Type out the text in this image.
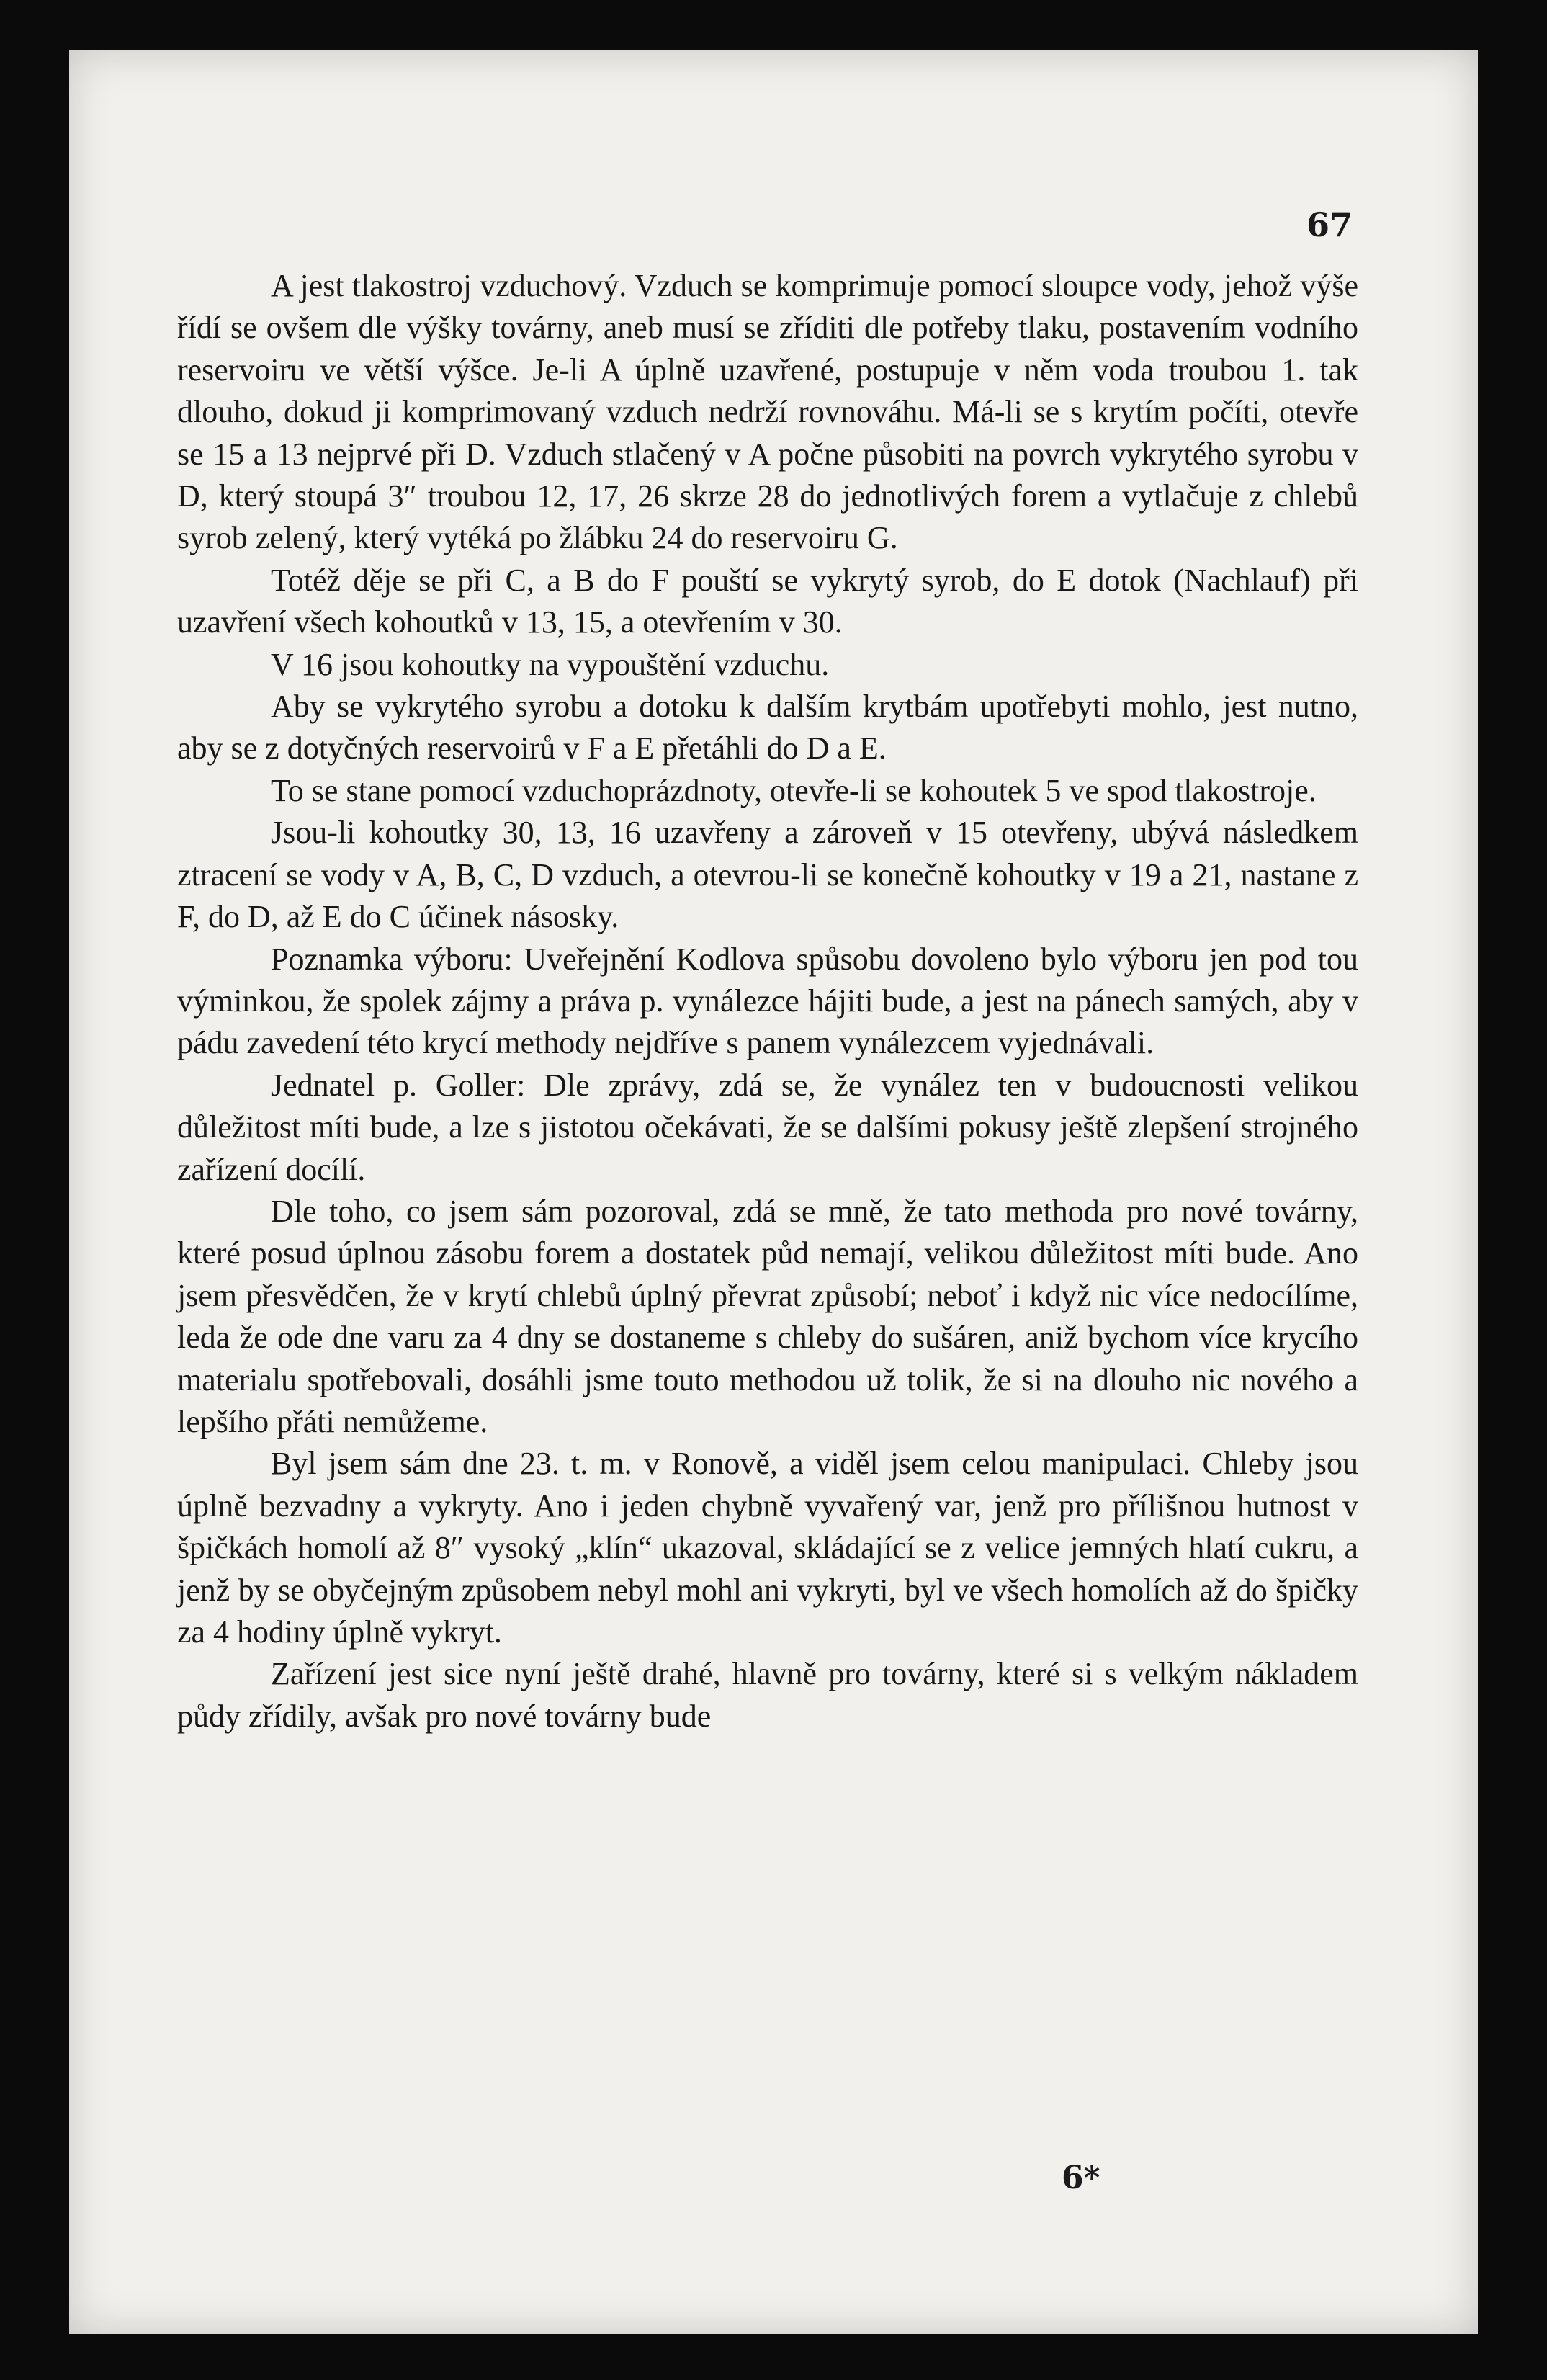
67

A jest tlakostroj vzduchový. Vzduch se komprimuje pomocí sloupce vody, jehož výše řídí se ovšem dle výšky továrny, aneb musí se zříditi dle potřeby tlaku, postavením vodního reservoiru ve větší výšce. Je-li A úplně uzavřené, postupuje v něm voda troubou 1. tak dlouho, dokud ji komprimovaný vzduch nedrží rovnováhu. Má-li se s krytím počíti, otevře se 15 a 13 nejprvé při D. Vzduch stlačený v A počne působiti na povrch vykrytého syrobu v D, který stoupá 3″ troubou 12, 17, 26 skrze 28 do jednotlivých forem a vytlačuje z chlebů syrob zelený, který vytéká po žlábku 24 do reservoiru G.

Totéž děje se při C, a B do F pouští se vykrytý syrob, do E dotok (Nachlauf) při uzavření všech kohoutků v 13, 15, a otevřením v 30.

V 16 jsou kohoutky na vypouštění vzduchu.

Aby se vykrytého syrobu a dotoku k dalším krytbám upotřebyti mohlo, jest nutno, aby se z dotyčných reservoirů v F a E přetáhli do D a E.

To se stane pomocí vzduchoprázdnoty, otevře-li se kohoutek 5 ve spod tlakostroje.

Jsou-li kohoutky 30, 13, 16 uzavřeny a zároveň v 15 otevřeny, ubývá následkem ztracení se vody v A, B, C, D vzduch, a otevrou-li se konečně kohoutky v 19 a 21, nastane z F, do D, až E do C účinek násosky.

Poznamka výboru: Uveřejnění Kodlova spůsobu dovoleno bylo výboru jen pod tou výminkou, že spolek zájmy a práva p. vynálezce hájiti bude, a jest na pánech samých, aby v pádu zavedení této krycí methody nejdříve s panem vynálezcem vyjednávali.

Jednatel p. Goller: Dle zprávy, zdá se, že vynález ten v budoucnosti velikou důležitost míti bude, a lze s jistotou očekávati, že se dalšími pokusy ještě zlepšení strojného zařízení docílí.

Dle toho, co jsem sám pozoroval, zdá se mně, že tato methoda pro nové továrny, které posud úplnou zásobu forem a dostatek půd nemají, velikou důležitost míti bude. Ano jsem přesvědčen, že v krytí chlebů úplný převrat způsobí; neboť i když nic více nedocílíme, leda že ode dne varu za 4 dny se dostaneme s chleby do sušáren, aniž bychom více krycího materialu spotřebovali, dosáhli jsme touto methodou už tolik, že si na dlouho nic nového a lepšího přáti nemůžeme.

Byl jsem sám dne 23. t. m. v Ronově, a viděl jsem celou manipulaci. Chleby jsou úplně bezvadny a vykryty. Ano i jeden chybně vyvařený var, jenž pro přílišnou hutnost v špičkách homolí až 8″ vysoký „klín“ ukazoval, skládající se z velice jemných hlatí cukru, a jenž by se obyčejným způsobem nebyl mohl ani vykryti, byl ve všech homolích až do špičky za 4 hodiny úplně vykryt.

Zařízení jest sice nyní ještě drahé, hlavně pro továrny, které si s velkým nákladem půdy zřídily, avšak pro nové továrny bude

6*
